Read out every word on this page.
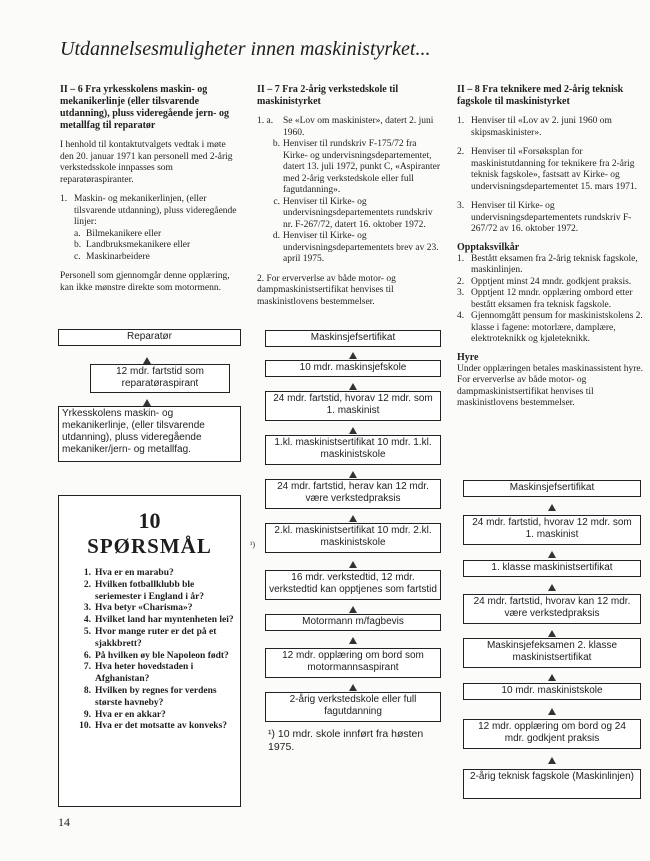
Utdannelsesmuligheter innen maskinistyrket...
II – 6 Fra yrkesskolens maskin- og mekanikerlinje (eller tilsvarende utdanning), pluss videregående jern- og metallfag til reparatør
I henhold til kontaktutvalgets vedtak i møte den 20. januar 1971 kan personell med 2-årig verkstedsskole innpasses som reparatøraspiranter.
1. Maskin- og mekanikerlinjen, (eller tilsvarende utdanning), pluss videregående linjer:
a. Bilmekanikere eller
b. Landbruksmekanikere eller
c. Maskinarbeidere
Personell som gjennomgår denne opplæring, kan ikke mønstre direkte som motormenn.
Reparatør
12 mdr. fartstid som reparatøraspirant
Yrkesskolens maskin- og mekanikerlinje, (eller tilsvarende utdanning), pluss videregående mekaniker/jern- og metallfag.
10
SPØRSMÅL
1. Hva er en marabu?
2. Hvilken fotballklubb ble seriemester i England i år?
3. Hva betyr «Charisma»?
4. Hvilket land har myntenheten lei?
5. Hvor mange ruter er det på et sjakkbrett?
6. På hvilken øy ble Napoleon født?
7. Hva heter hovedstaden i Afghanistan?
8. Hvilken by regnes for verdens største havneby?
9. Hva er en akkar?
10. Hva er det motsatte av konveks?
II – 7 Fra 2-årig verkstedskole til maskinistyrket
1. a.	Se «Lov om maskinister», datert 2. juni 1960.
b. Henviser til rundskriv F-175/72 fra Kirke- og undervisningsdepartementet, datert 13. juli 1972, punkt C, «Aspiranter med 2-årig verkstedskole eller full fagutdanning».
c. Henviser til Kirke- og undervisningsdepartementets rundskriv nr. F-267/72, datert 16. oktober 1972.
d. Henviser til Kirke- og undervisningsdepartementets brev av 23. april 1975.
2. For erververlse av både motor- og dampmaskinistsertifikat henvises til maskinistlovens bestemmelser.
Maskinsjefsertifikat
10 mdr. maskinsjefskole
24 mdr. fartstid, hvorav 12 mdr. som 1. maskinist
1.kl. maskinistsertifikat 10 mdr. 1.kl. maskinistskole
24 mdr. fartstid, herav kan 12 mdr. være verkstedpraksis
¹)
2.kl. maskinistsertifikat 10 mdr. 2.kl. maskinistskole
16 mdr. verkstedtid, 12 mdr. verkstedtid kan opptjenes som fartstid
Motormann m/fagbevis
12 mdr. opplæring om bord som motormannsaspirant
2-årig verkstedskole eller full fagutdanning
¹) 10 mdr. skole innført fra høsten 1975.
II – 8 Fra teknikere med 2-årig teknisk fagskole til maskinistyrket
1. Henviser til «Lov av 2. juni 1960 om skipsmaskinister».
2. Henviser til «Forsøksplan for maskinistutdanning for teknikere fra 2-årig teknisk fagskole», fastsatt av Kirke- og undervisningsdepartementet 15. mars 1971.
3. Henviser til Kirke- og undervisningsdepartementets rundskriv F-267/72 av 16. oktober 1972.
Opptaksvilkår
1. Bestått eksamen fra 2-årig teknisk fagskole, maskinlinjen.
2. Opptjent minst 24 mndr. godkjent praksis.
3. Opptjent 12 mndr. opplæring ombord etter bestått eksamen fra teknisk fagskole.
4. Gjennomgått pensum for maskinistskolens 2. klasse i fagene: motorlære, damplære, elektroteknikk og kjøleteknikk.
Hyre
Under opplæringen betales maskinassistent hyre.
For erververlse av både motor- og dampmaskinistsertifikat henvises til maskinistlovens bestemmelser.
Maskinsjefsertifikat
24 mdr. fartstid, hvorav 12 mdr. som 1. maskinist
1. klasse maskinistsertifikat
24 mdr. fartstid, hvorav kan 12 mdr. være verkstedpraksis
Maskinsjefeksamen 2. klasse maskinistsertifikat
10 mdr. maskinistskole
12 mdr. opplæring om bord og 24 mdr. godkjent praksis
2-årig teknisk fagskole (Maskinlinjen)
14
